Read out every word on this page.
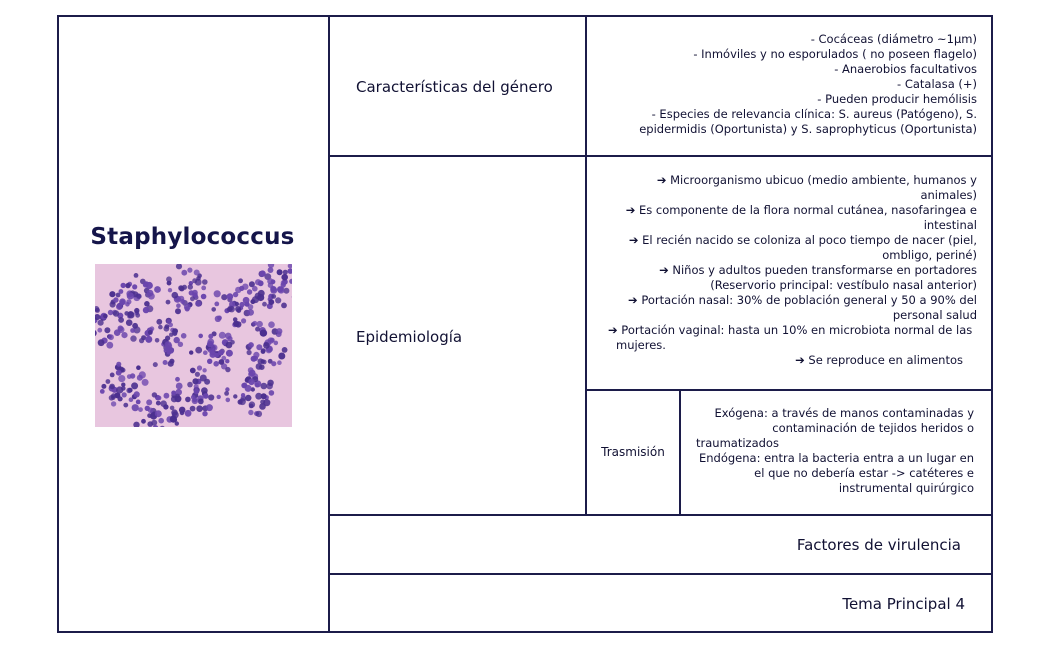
Staphylococcus
Características del género
- Cocáceas (diámetro ~1μm)
- Inmóviles y no esporulados ( no poseen flagelo)
- Anaerobios facultativos
- Catalasa (+)
- Pueden producir hemólisis
- Especies de relevancia clínica: S. aureus (Patógeno), S.
epidermidis (Oportunista) y S. saprophyticus (Oportunista)
Epidemiología
➔ Microorganismo ubicuo (medio ambiente, humanos y
animales)
➔ Es componente de la flora normal cutánea, nasofaringea e
intestinal
➔ El recién nacido se coloniza al poco tiempo de nacer (piel,
ombligo, periné)
➔ Niños y adultos pueden transformarse en portadores
(Reservorio principal: vestíbulo nasal anterior)
➔ Portación nasal: 30% de población general y 50 a 90% del
personal salud
➔ Portación vaginal: hasta un 10% en microbiota normal de las
mujeres.
➔ Se reproduce en alimentos
Trasmisión
Exógena: a través de manos contaminadas y
contaminación de tejidos heridos o
traumatizados
Endógena: entra la bacteria entra a un lugar en
el que no debería estar -> catéteres e
instrumental quirúrgico
Factores de virulencia
Tema Principal 4
